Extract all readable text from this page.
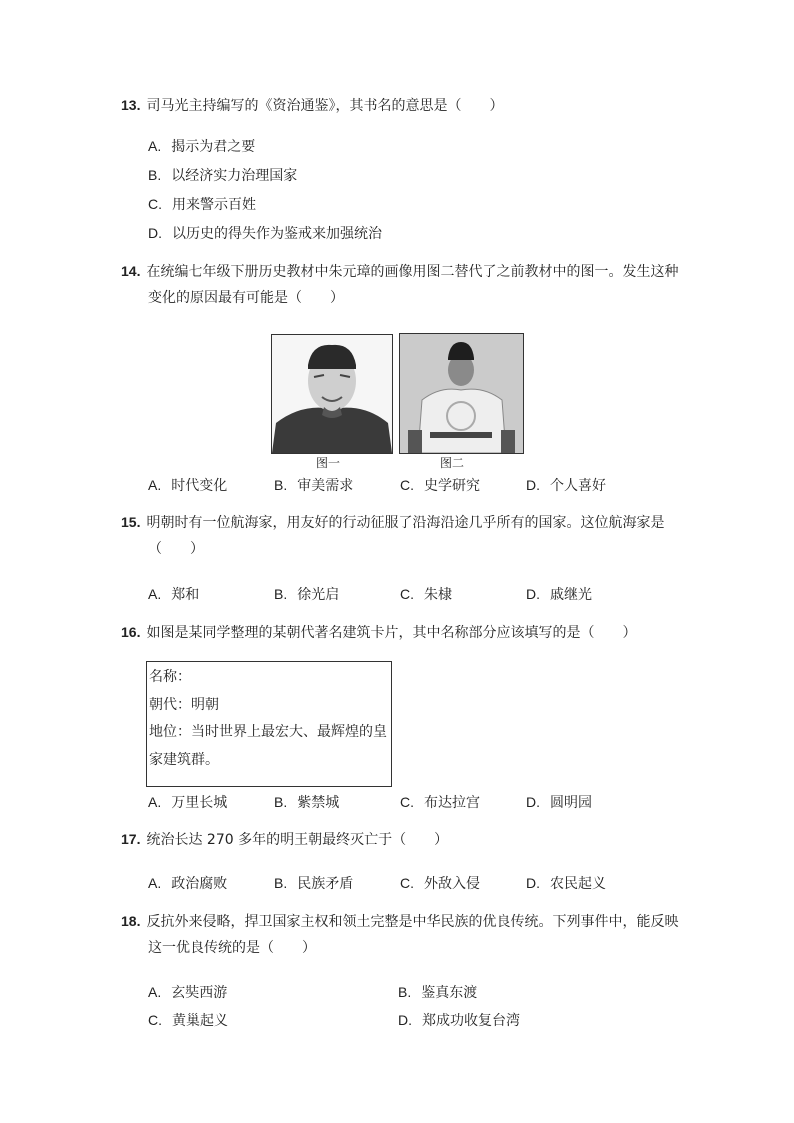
13. 司马光主持编写的《资治通鉴》，其书名的意思是（　　）
A. 揭示为君之要
B. 以经济实力治理国家
C. 用来警示百姓
D. 以历史的得失作为鉴戒来加强统治
14. 在统编七年级下册历史教材中朱元璋的画像用图二替代了之前教材中的图一。发生这种
变化的原因最有可能是（　　）
图一	图二
A. 时代变化	B. 审美需求	C. 史学研究	D. 个人喜好
15. 明朝时有一位航海家，用友好的行动征服了沿海沿途几乎所有的国家。这位航海家是
（　　）
A. 郑和	B. 徐光启	C. 朱棣	D. 戚继光
16. 如图是某同学整理的某朝代著名建筑卡片，其中名称部分应该填写的是（　　）
名称：
朝代：明朝
地位：当时世界上最宏大、最辉煌的皇
家建筑群。
A. 万里长城	B. 紫禁城	C. 布达拉宫	D. 圆明园
17. 统治长达 270 多年的明王朝最终灭亡于（　　）
A. 政治腐败	B. 民族矛盾	C. 外敌入侵	D. 农民起义
18. 反抗外来侵略，捍卫国家主权和领土完整是中华民族的优良传统。下列事件中，能反映
这一优良传统的是（　　）
A. 玄奘西游	B. 鉴真东渡
C. 黄巢起义	D. 郑成功收复台湾
